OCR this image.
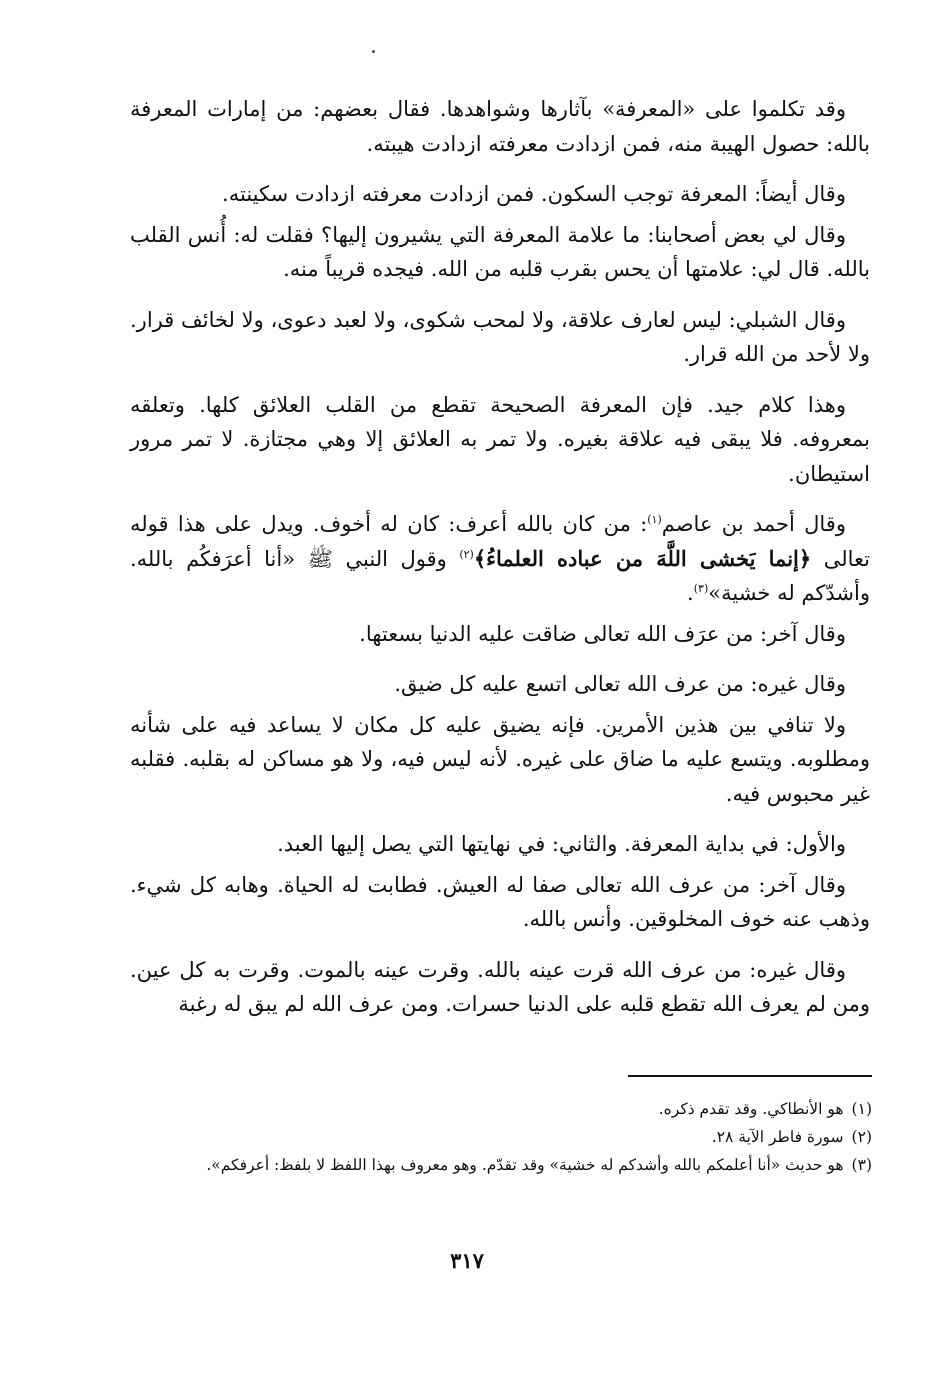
وقد تكلموا على «المعرفة» بآثارها وشواهدها. فقال بعضهم: من إمارات المعرفة بالله: حصول الهيبة منه، فمن ازدادت معرفته ازدادت هيبته.

وقال أيضاً: المعرفة توجب السكون. فمن ازدادت معرفته ازدادت سكينته.

وقال لي بعض أصحابنا: ما علامة المعرفة التي يشيرون إليها؟ فقلت له: أُنس القلب بالله. قال لي: علامتها أن يحس بقرب قلبه من الله. فيجده قريباً منه.

وقال الشبلي: ليس لعارف علاقة، ولا لمحب شكوى، ولا لعبد دعوى، ولا لخائف قرار. ولا لأحد من الله قرار.

وهذا كلام جيد. فإن المعرفة الصحيحة تقطع من القلب العلائق كلها. وتعلقه بمعروفه. فلا يبقى فيه علاقة بغيره. ولا تمر به العلائق إلا وهي مجتازة. لا تمر مرور استيطان.

وقال أحمد بن عاصم$^{(١)}$: من كان بالله أعرف: كان له أخوف. ويدل على هذا قوله تعالى ﴿إنما يَخشى اللَّهَ من عباده العلماءُ﴾$^{(٢)}$ وقول النبي ﷺ «أنا أعرَفكُم بالله. وأشدّكم له خشية»$^{(٣)}$.

وقال آخر: من عرَف الله تعالى ضاقت عليه الدنيا بسعتها.

وقال غيره: من عرف الله تعالى اتسع عليه كل ضيق.

ولا تنافي بين هذين الأمرين. فإنه يضيق عليه كل مكان لا يساعد فيه على شأنه ومطلوبه. ويتسع عليه ما ضاق على غيره. لأنه ليس فيه، ولا هو مساكن له بقلبه. فقلبه غير محبوس فيه.

والأول: في بداية المعرفة. والثاني: في نهايتها التي يصل إليها العبد.

وقال آخر: من عرف الله تعالى صفا له العيش. فطابت له الحياة. وهابه كل شيء. وذهب عنه خوف المخلوقين. وأنس بالله.

وقال غيره: من عرف الله قرت عينه بالله. وقرت عينه بالموت. وقرت به كل عين. ومن لم يعرف الله تقطع قلبه على الدنيا حسرات. ومن عرف الله لم يبق له رغبة

(١)هو الأنطاكي. وقد تقدم ذكره.

(٢)سورة فاطر الآية ٢٨.

(٣)هو حديث «أنا أعلمكم بالله وأشدكم له خشية» وقد تقدّم. وهو معروف بهذا اللفظ لا بلفظ: أعرفكم».

٣١٧
